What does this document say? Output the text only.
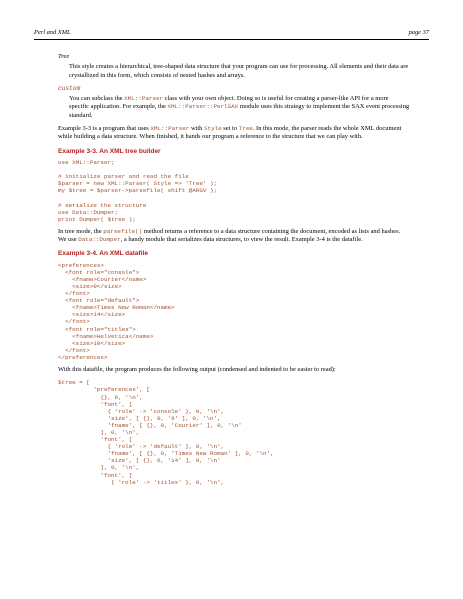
Perl and XML	page 37
Tree

This style creates a hierarchical, tree-shaped data structure that your program can use for processing. All elements and their data are crystallized in this form, which consists of nested hashes and arrays.

custom

You can subclass the XML::Parser class with your own object. Doing so is useful for creating a parser-like API for a more specific application. For example, the XML::Parser::PerlSAX module uses this strategy to implement the SAX event processing standard.

Example 3-3 is a program that uses XML::Parser with Style set to Tree. In this mode, the parser reads the whole XML document while building a data structure. When finished, it hands our program a reference to the structure that we can play with.

Example 3-3. An XML tree builder
use XML::Parser;

# initialize parser and read the file
$parser = new XML::Parser( Style => 'Tree' );
my $tree = $parser->parsefile( shift @ARGV );

# serialize the structure
use Data::Dumper;
print Dumper( $tree );

In tree mode, the parsefile() method returns a reference to a data structure containing the document, encoded as lists and hashes. We use Data::Dumper, a handy module that serializes data structures, to view the result. Example 3-4 is the datafile.

Example 3-4. An XML datafile
<preferences>
<font role="console">
<fname>Courier</name>
<size>9</size>
</font>
<font role="default">
<fname>Times New Roman</name>
<size>14</size>
</font>
<font role="titles">
<fname>Helvetica</name>
<size>10</size>
</font>
</preferences>

With this datafile, the program produces the following output (condensed and indented to be easier to read):

$tree = [
'preferences', [
{}, 0, '\n',
'font', [
{ 'role' -> 'console' }, 0, '\n',
'size', [ {}, 0, '9' ], 0, '\n',
'fname', [ {}, 0, 'Courier' ], 0, '\n'
], 0, '\n',
'font', [
{ 'role' -> 'default' }, 0, '\n',
'fname', [ {}, 0, 'Times New Roman' ], 0, '\n',
'size', [ {}, 0, '14' ], 0, '\n'
], 0, '\n',
'font', [
{ 'role' -> 'titles' }, 0, '\n',
